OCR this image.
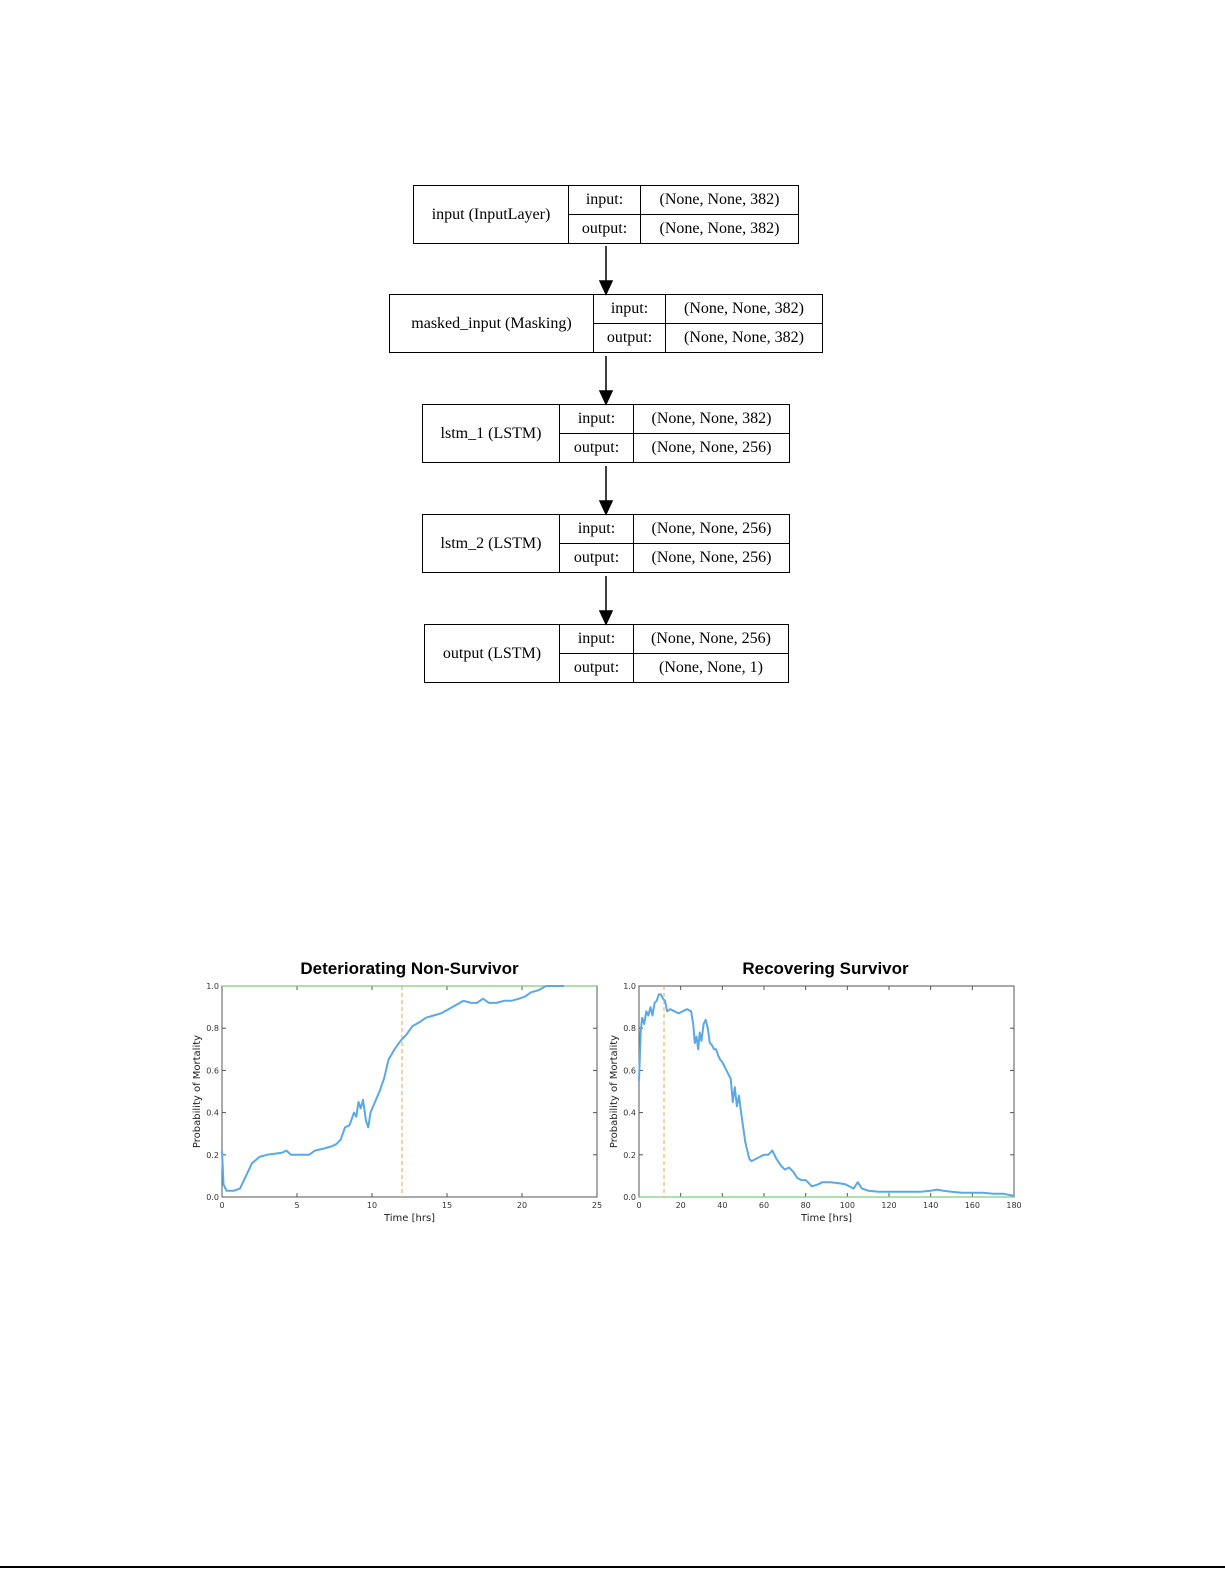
input (InputLayer)
input:	(None, None, 382)
output:	(None, None, 382)
masked_input (Masking)
input:	(None, None, 382)
output:	(None, None, 382)
lstm_1 (LSTM)
input:	(None, None, 382)
output:	(None, None, 256)
lstm_2 (LSTM)
input:	(None, None, 256)
output:	(None, None, 256)
output (LSTM)
input:	(None, None, 256)
output:	(None, None, 1)
Deteriorating Non-Survivor	Recovering Survivor
0.0
0.2
0.4
0.6
0.8
1.0
0	5	10	15	20	25
Time [hrs]
Probability of Mortality
0.0
0.2
0.4
0.6
0.8
1.0
0	20	40	60	80	100	120	140	160	180
Time [hrs]
Probability of Mortality
